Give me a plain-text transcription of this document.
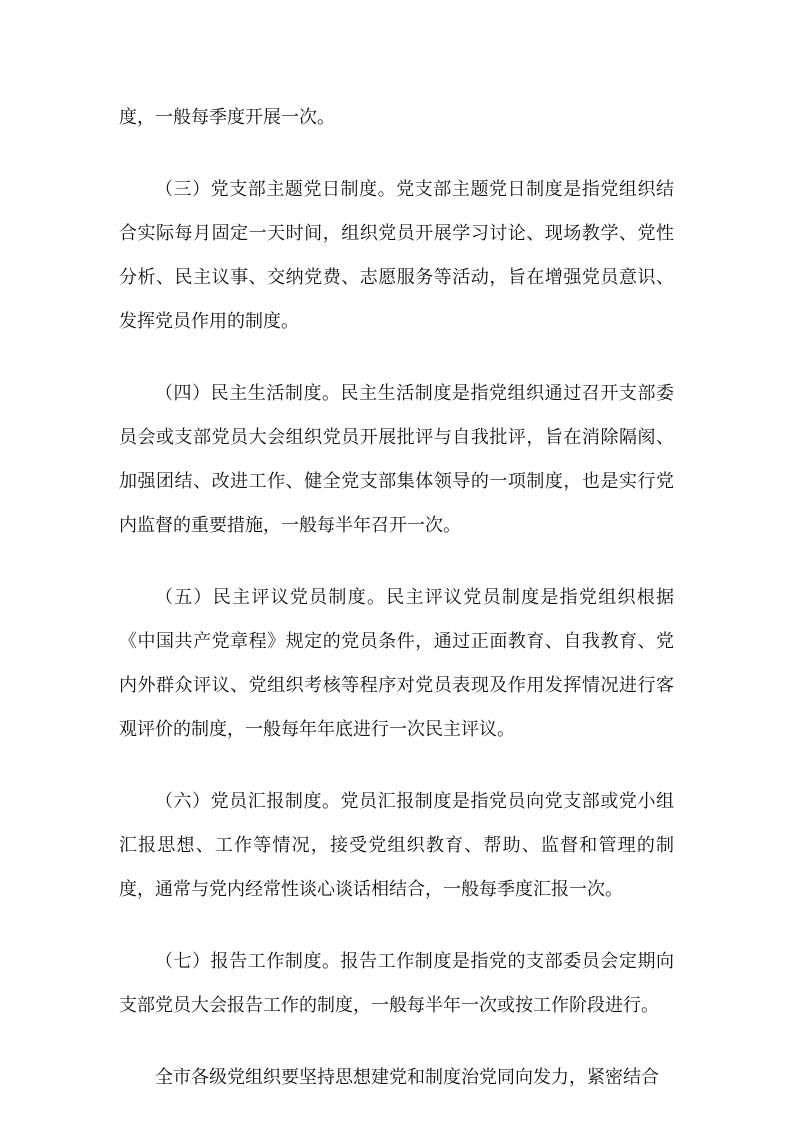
度，一般每季度开展一次。

（三）党支部主题党日制度。党支部主题党日制度是指党组织结合实际每月固定一天时间，组织党员开展学习讨论、现场教学、党性分析、民主议事、交纳党费、志愿服务等活动，旨在增强党员意识、发挥党员作用的制度。

（四）民主生活制度。民主生活制度是指党组织通过召开支部委员会或支部党员大会组织党员开展批评与自我批评，旨在消除隔阂、加强团结、改进工作、健全党支部集体领导的一项制度，也是实行党内监督的重要措施，一般每半年召开一次。

（五）民主评议党员制度。民主评议党员制度是指党组织根据《中国共产党章程》规定的党员条件，通过正面教育、自我教育、党内外群众评议、党组织考核等程序对党员表现及作用发挥情况进行客观评价的制度，一般每年年底进行一次民主评议。

（六）党员汇报制度。党员汇报制度是指党员向党支部或党小组汇报思想、工作等情况，接受党组织教育、帮助、监督和管理的制度，通常与党内经常性谈心谈话相结合，一般每季度汇报一次。

（七）报告工作制度。报告工作制度是指党的支部委员会定期向支部党员大会报告工作的制度，一般每半年一次或按工作阶段进行。

全市各级党组织要坚持思想建党和制度治党同向发力，紧密结合
